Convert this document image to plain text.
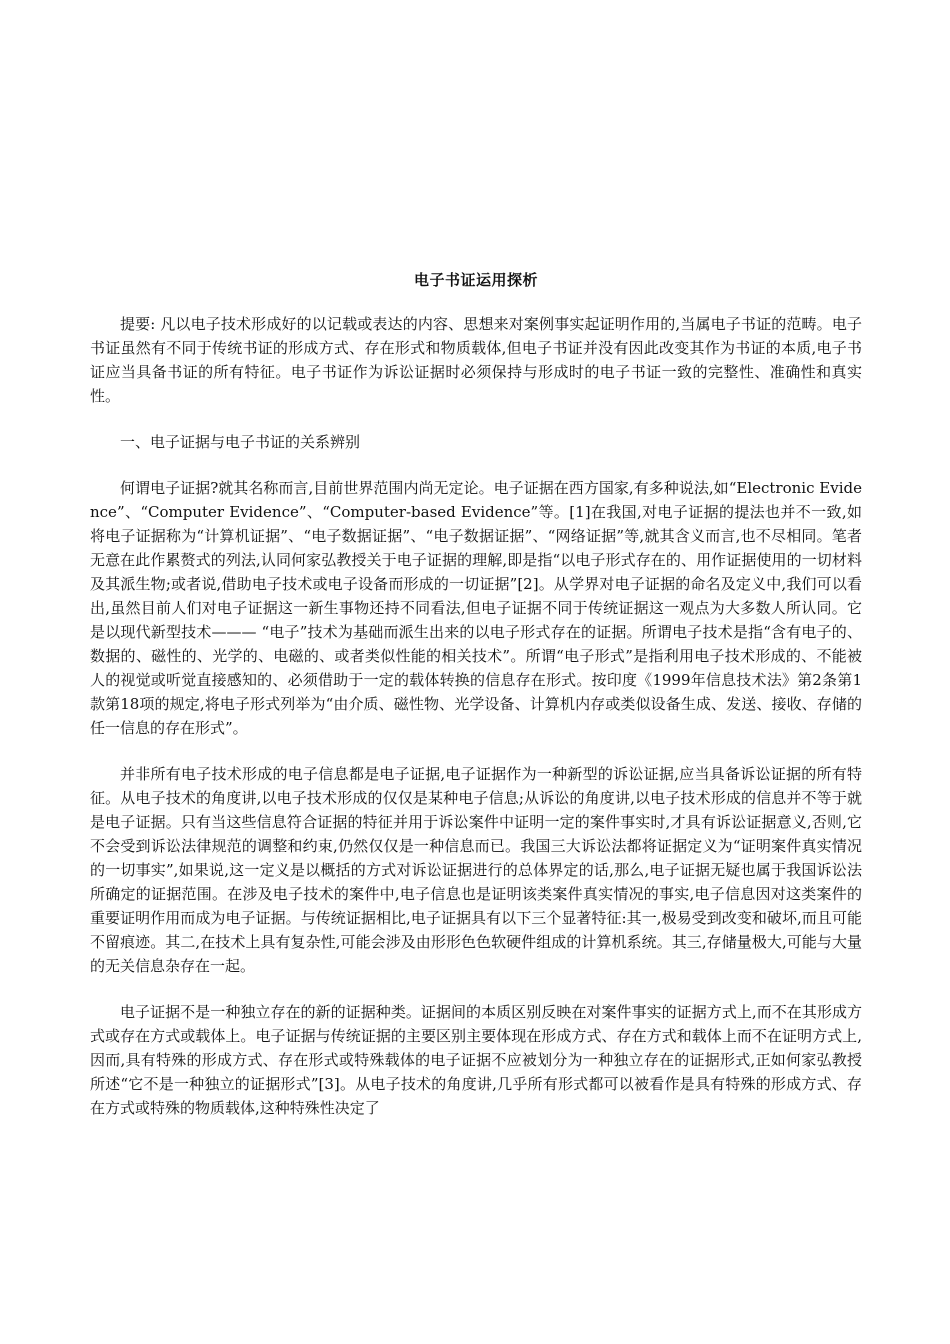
电子书证运用探析

提要: 凡以电子技术形成好的以记载或表达的内容、思想来对案例事实起证明作用的,当属电子书证的范畴。电子书证虽然有不同于传统书证的形成方式、存在形式和物质载体,但电子书证并没有因此改变其作为书证的本质,电子书证应当具备书证的所有特征。电子书证作为诉讼证据时必须保持与形成时的电子书证一致的完整性、准确性和真实性。

一、电子证据与电子书证的关系辨别

何谓电子证据?就其名称而言,目前世界范围内尚无定论。电子证据在西方国家,有多种说法,如“Electronic Evidence”、“Computer Evidence”、“Computer-based Evidence”等。[1]在我国,对电子证据的提法也并不一致,如将电子证据称为“计算机证据”、“电子数据证据”、“电子数据证据”、“网络证据”等,就其含义而言,也不尽相同。笔者无意在此作累赘式的列法,认同何家弘教授关于电子证据的理解,即是指“以电子形式存在的、用作证据使用的一切材料及其派生物;或者说,借助电子技术或电子设备而形成的一切证据”[2]。从学界对电子证据的命名及定义中,我们可以看出,虽然目前人们对电子证据这一新生事物还持不同看法,但电子证据不同于传统证据这一观点为大多数人所认同。它是以现代新型技术——— “电子”技术为基础而派生出来的以电子形式存在的证据。所谓电子技术是指“含有电子的、数据的、磁性的、光学的、电磁的、或者类似性能的相关技术”。所谓“电子形式”是指利用电子技术形成的、不能被人的视觉或听觉直接感知的、必须借助于一定的载体转换的信息存在形式。按印度《1999年信息技术法》第2条第1款第18项的规定,将电子形式列举为“由介质、磁性物、光学设备、计算机内存或类似设备生成、发送、接收、存储的任一信息的存在形式”。

并非所有电子技术形成的电子信息都是电子证据,电子证据作为一种新型的诉讼证据,应当具备诉讼证据的所有特征。从电子技术的角度讲,以电子技术形成的仅仅是某种电子信息;从诉讼的角度讲,以电子技术形成的信息并不等于就是电子证据。只有当这些信息符合证据的特征并用于诉讼案件中证明一定的案件事实时,才具有诉讼证据意义,否则,它不会受到诉讼法律规范的调整和约束,仍然仅仅是一种信息而已。我国三大诉讼法都将证据定义为“证明案件真实情况的一切事实”,如果说,这一定义是以概括的方式对诉讼证据进行的总体界定的话,那么,电子证据无疑也属于我国诉讼法所确定的证据范围。在涉及电子技术的案件中,电子信息也是证明该类案件真实情况的事实,电子信息因对这类案件的重要证明作用而成为电子证据。与传统证据相比,电子证据具有以下三个显著特征:其一,极易受到改变和破坏,而且可能不留痕迹。其二,在技术上具有复杂性,可能会涉及由形形色色软硬件组成的计算机系统。其三,存储量极大,可能与大量的无关信息杂存在一起。

电子证据不是一种独立存在的新的证据种类。证据间的本质区别反映在对案件事实的证据方式上,而不在其形成方式或存在方式或载体上。电子证据与传统证据的主要区别主要体现在形成方式、存在方式和载体上而不在证明方式上,因而,具有特殊的形成方式、存在形式或特殊载体的电子证据不应被划分为一种独立存在的证据形式,正如何家弘教授所述“它不是一种独立的证据形式”[3]。从电子技术的角度讲,几乎所有形式都可以被看作是具有特殊的形成方式、存在方式或特殊的物质载体,这种特殊性决定了
